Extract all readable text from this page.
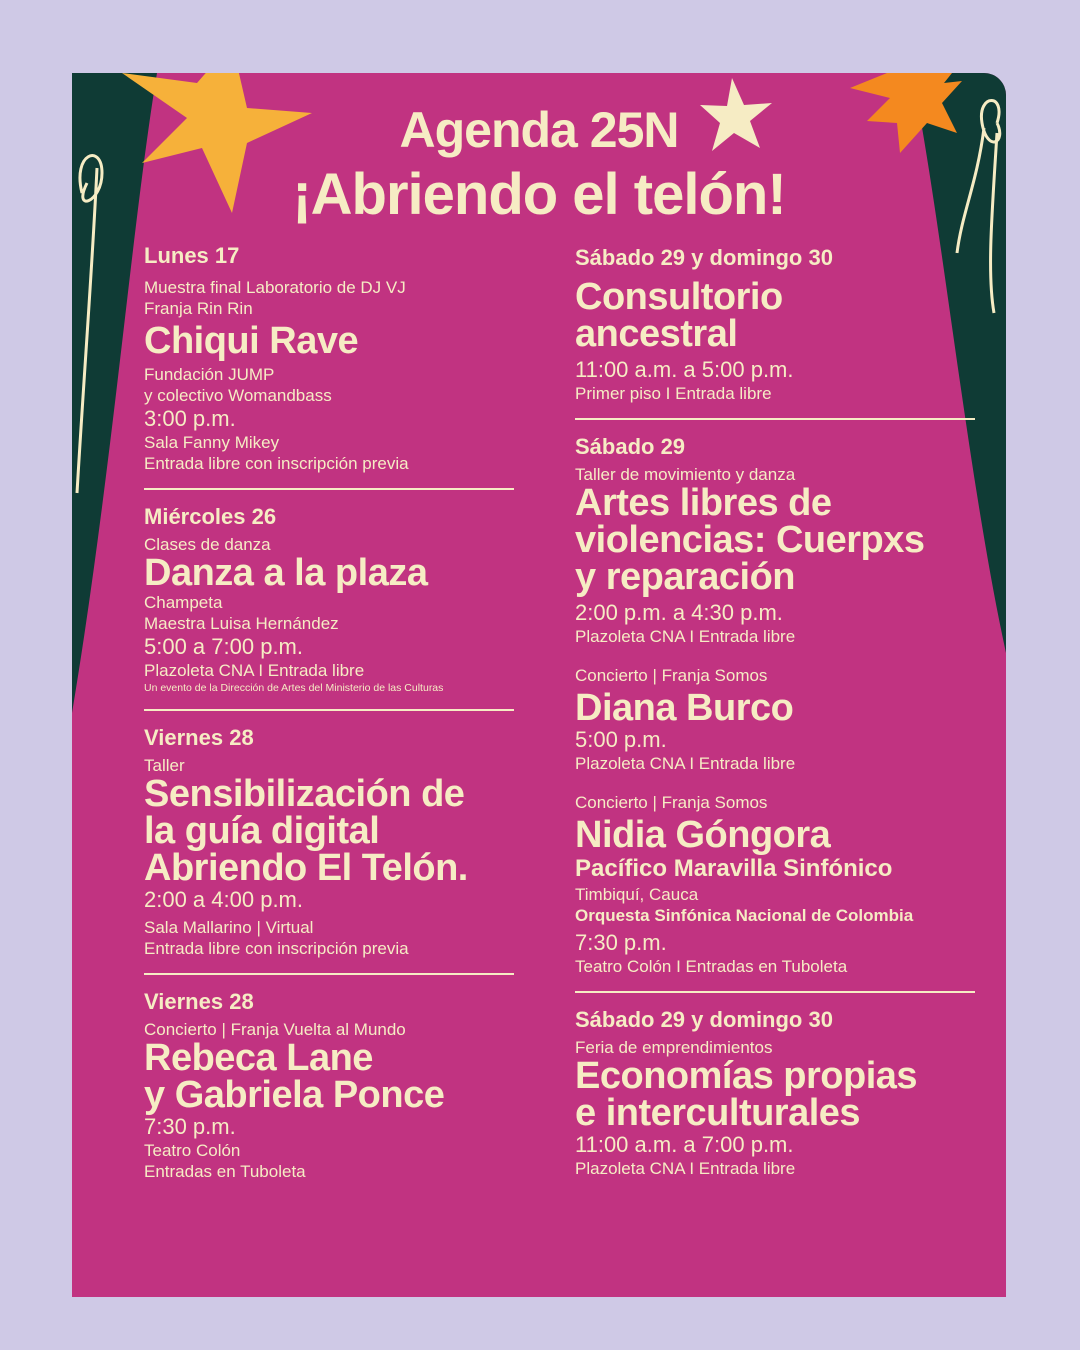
Agenda 25N
¡Abriendo el telón!
Lunes 17
Muestra final Laboratorio de DJ VJ
Franja Rin Rin
Chiqui Rave
Fundación JUMP
y colectivo Womandbass
3:00 p.m.
Sala Fanny Mikey
Entrada libre con inscripción previa
Miércoles 26
Clases de danza
Danza a la plaza
Champeta
Maestra Luisa Hernández
5:00 a 7:00 p.m.
Plazoleta CNA I Entrada libre
Un evento de la Dirección de Artes del Ministerio de las Culturas
Viernes 28
Taller
Sensibilización de
la guía digital
Abriendo El Telón.
2:00 a 4:00 p.m.
Sala Mallarino | Virtual
Entrada libre con inscripción previa
Viernes 28
Concierto | Franja Vuelta al Mundo
Rebeca Lane
y Gabriela Ponce
7:30 p.m.
Teatro Colón
Entradas en Tuboleta
Sábado 29 y domingo 30
Consultorio
ancestral
11:00 a.m. a 5:00 p.m.
Primer piso I Entrada libre
Sábado 29
Taller de movimiento y danza
Artes libres de
violencias: Cuerpxs
y reparación
2:00 p.m. a 4:30 p.m.
Plazoleta CNA I Entrada libre
Concierto | Franja Somos
Diana Burco
5:00 p.m.
Plazoleta CNA I Entrada libre
Concierto | Franja Somos
Nidia Góngora
Pacífico Maravilla Sinfónico
Timbiquí, Cauca
Orquesta Sinfónica Nacional de Colombia
7:30 p.m.
Teatro Colón I Entradas en Tuboleta
Sábado 29 y domingo 30
Feria de emprendimientos
Economías propias
e interculturales
11:00 a.m. a 7:00 p.m.
Plazoleta CNA I Entrada libre
